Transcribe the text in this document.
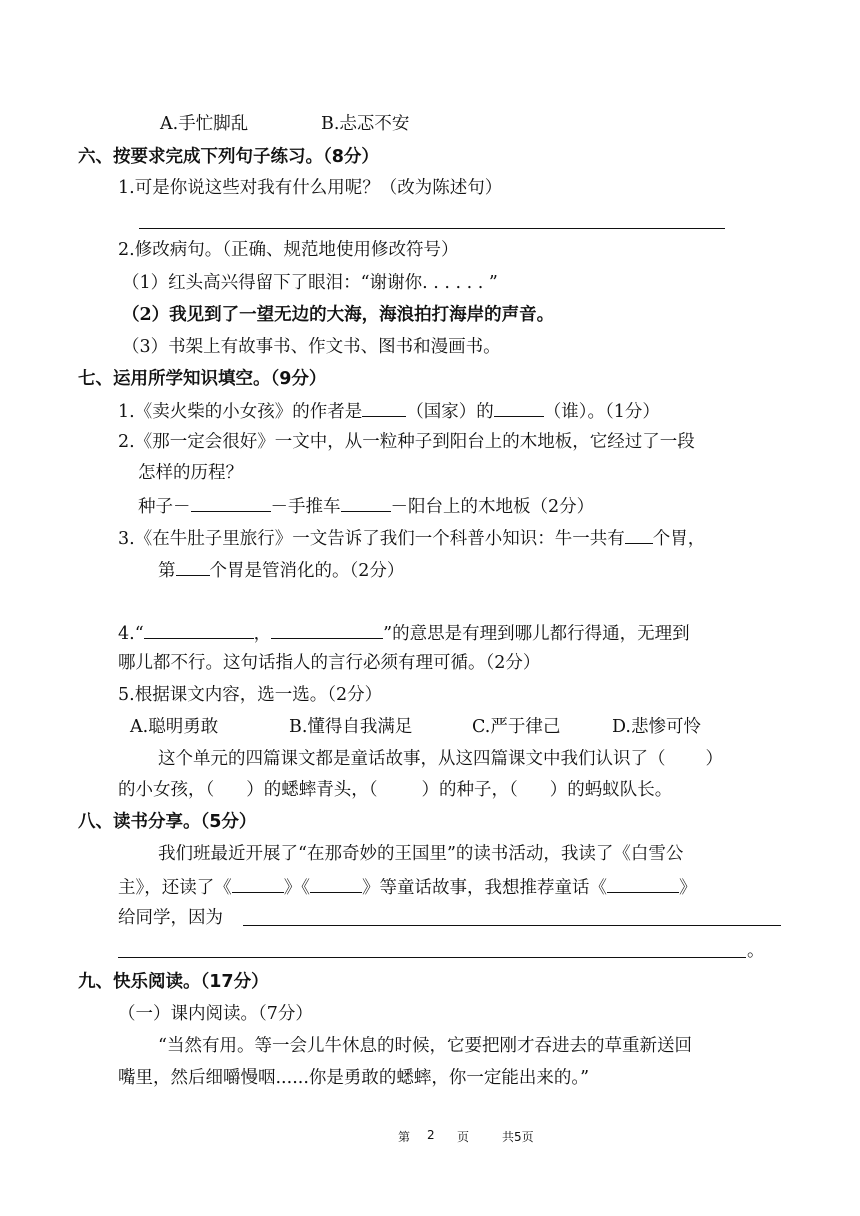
A.手忙脚乱	B.忐忑不安
六、按要求完成下列句子练习。（8分）
1.可是你说这些对我有什么用呢？（改为陈述句）
2.修改病句。（正确、规范地使用修改符号）
（1）红头高兴得留下了眼泪：“谢谢你. . . . . . ”
（2）我见到了一望无边的大海，海浪拍打海岸的声音。
（3）书架上有故事书、作文书、图书和漫画书。
七、运用所学知识填空。（9分）
1.《卖火柴的小女孩》的作者是	（国家）的	（谁）。（1分）
2.《那一定会很好》一文中，从一粒种子到阳台上的木地板，它经过了一段
怎样的历程？
种子－	－手推车	－阳台上的木地板（2分）
3.《在牛肚子里旅行》一文告诉了我们一个科普小知识：牛一共有 个胃，
第 个胃是管消化的。（2分）
4.“	，	”的意思是有理到哪儿都行得通，无理到
哪儿都不行。这句话指人的言行必须有理可循。（2分）
5.根据课文内容，选一选。（2分）
A.聪明勇敢	B.懂得自我满足	C.严于律己	D.悲惨可怜
这个单元的四篇课文都是童话故事，从这四篇课文中我们认识了（ ）
的小女孩，（ ）的蟋蟀青头，（	）的种子，（ ）的蚂蚁队长。
八、读书分享。（5分）
我们班最近开展了“在那奇妙的王国里”的读书活动，我读了《白雪公
主》，还读了《	》《	》等童话故事，我想推荐童话《	》
给同学，因为
。
九、快乐阅读。（17分）
（一）课内阅读。（7分）
“当然有用。等一会儿牛休息的时候，它要把刚才吞进去的草重新送回
嘴里，然后细嚼慢咽......你是勇敢的蟋蟀，你一定能出来的。”
第 2 页	共5页
